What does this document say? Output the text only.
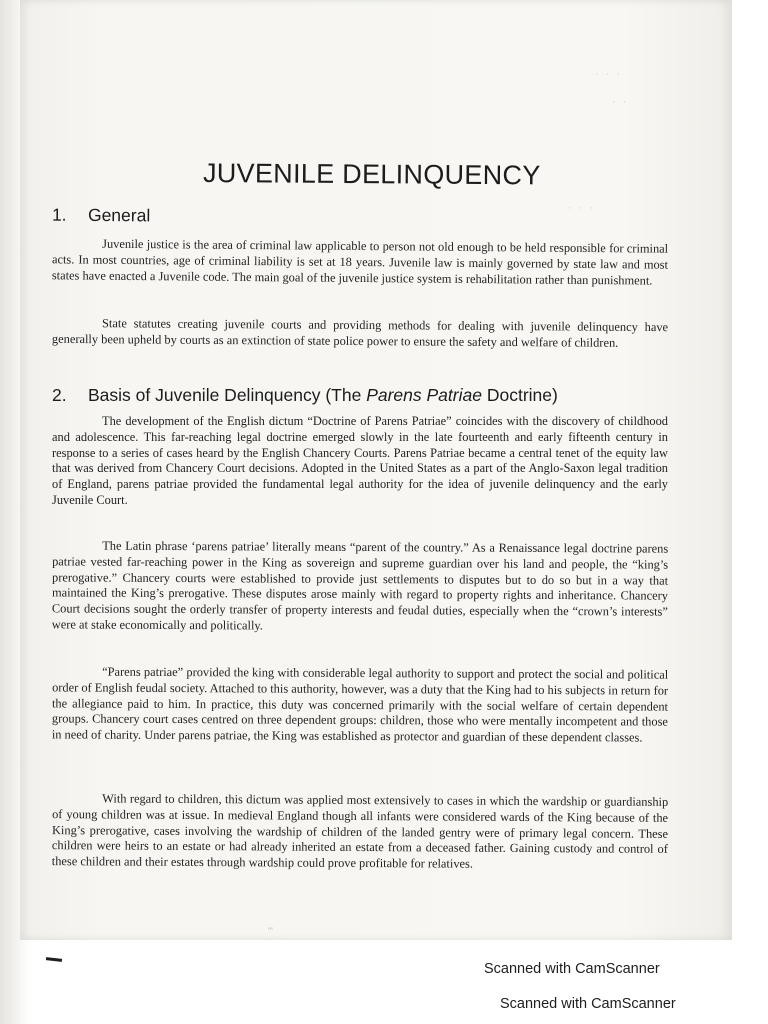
· · ·
· ·
· · ·
JUVENILE DELINQUENCY
1. General

Juvenile justice is the area of criminal law applicable to person not old enough to be held responsible for criminal acts. In most countries, age of criminal liability is set at 18 years. Juvenile law is mainly governed by state law and most states have enacted a Juvenile code. The main goal of the juvenile justice system is rehabilitation rather than punishment.

State statutes creating juvenile courts and providing methods for dealing with juvenile delinquency have generally been upheld by courts as an extinction of state police power to ensure the safety and welfare of children.

2. Basis of Juvenile Delinquency (The Parens Patriae Doctrine)

The development of the English dictum “Doctrine of Parens Patriae” coincides with the discovery of childhood and adolescence. This far-reaching legal doctrine emerged slowly in the late fourteenth and early fifteenth century in response to a series of cases heard by the English Chancery Courts. Parens Patriae became a central tenet of the equity law that was derived from Chancery Court decisions. Adopted in the United States as a part of the Anglo-Saxon legal tradition of England, parens patriae provided the fundamental legal authority for the idea of juvenile delinquency and the early Juvenile Court.

The Latin phrase ‘parens patriae’ literally means “parent of the country.” As a Renaissance legal doctrine parens patriae vested far-reaching power in the King as sovereign and supreme guardian over his land and people, the “king’s prerogative.” Chancery courts were established to provide just settlements to disputes but to do so but in a way that maintained the King’s prerogative. These disputes arose mainly with regard to property rights and inheritance. Chancery Court decisions sought the orderly transfer of property interests and feudal duties, especially when the “crown’s interests” were at stake economically and politically.

“Parens patriae” provided the king with considerable legal authority to support and protect the social and political order of English feudal society. Attached to this authority, however, was a duty that the King had to his subjects in return for the allegiance paid to him. In practice, this duty was concerned primarily with the social welfare of certain dependent groups. Chancery court cases centred on three dependent groups: children, those who were mentally incompetent and those in need of charity. Under parens patriae, the King was established as protector and guardian of these dependent classes.

With regard to children, this dictum was applied most extensively to cases in which the wardship or guardianship of young children was at issue. In medieval England though all infants were considered wards of the King because of the King’s prerogative, cases involving the wardship of children of the landed gentry were of primary legal concern. These children were heirs to an estate or had already inherited an estate from a deceased father. Gaining custody and control of these children and their estates through wardship could prove profitable for relatives.

'''
Scanned with CamScanner
Scanned with CamScanner
